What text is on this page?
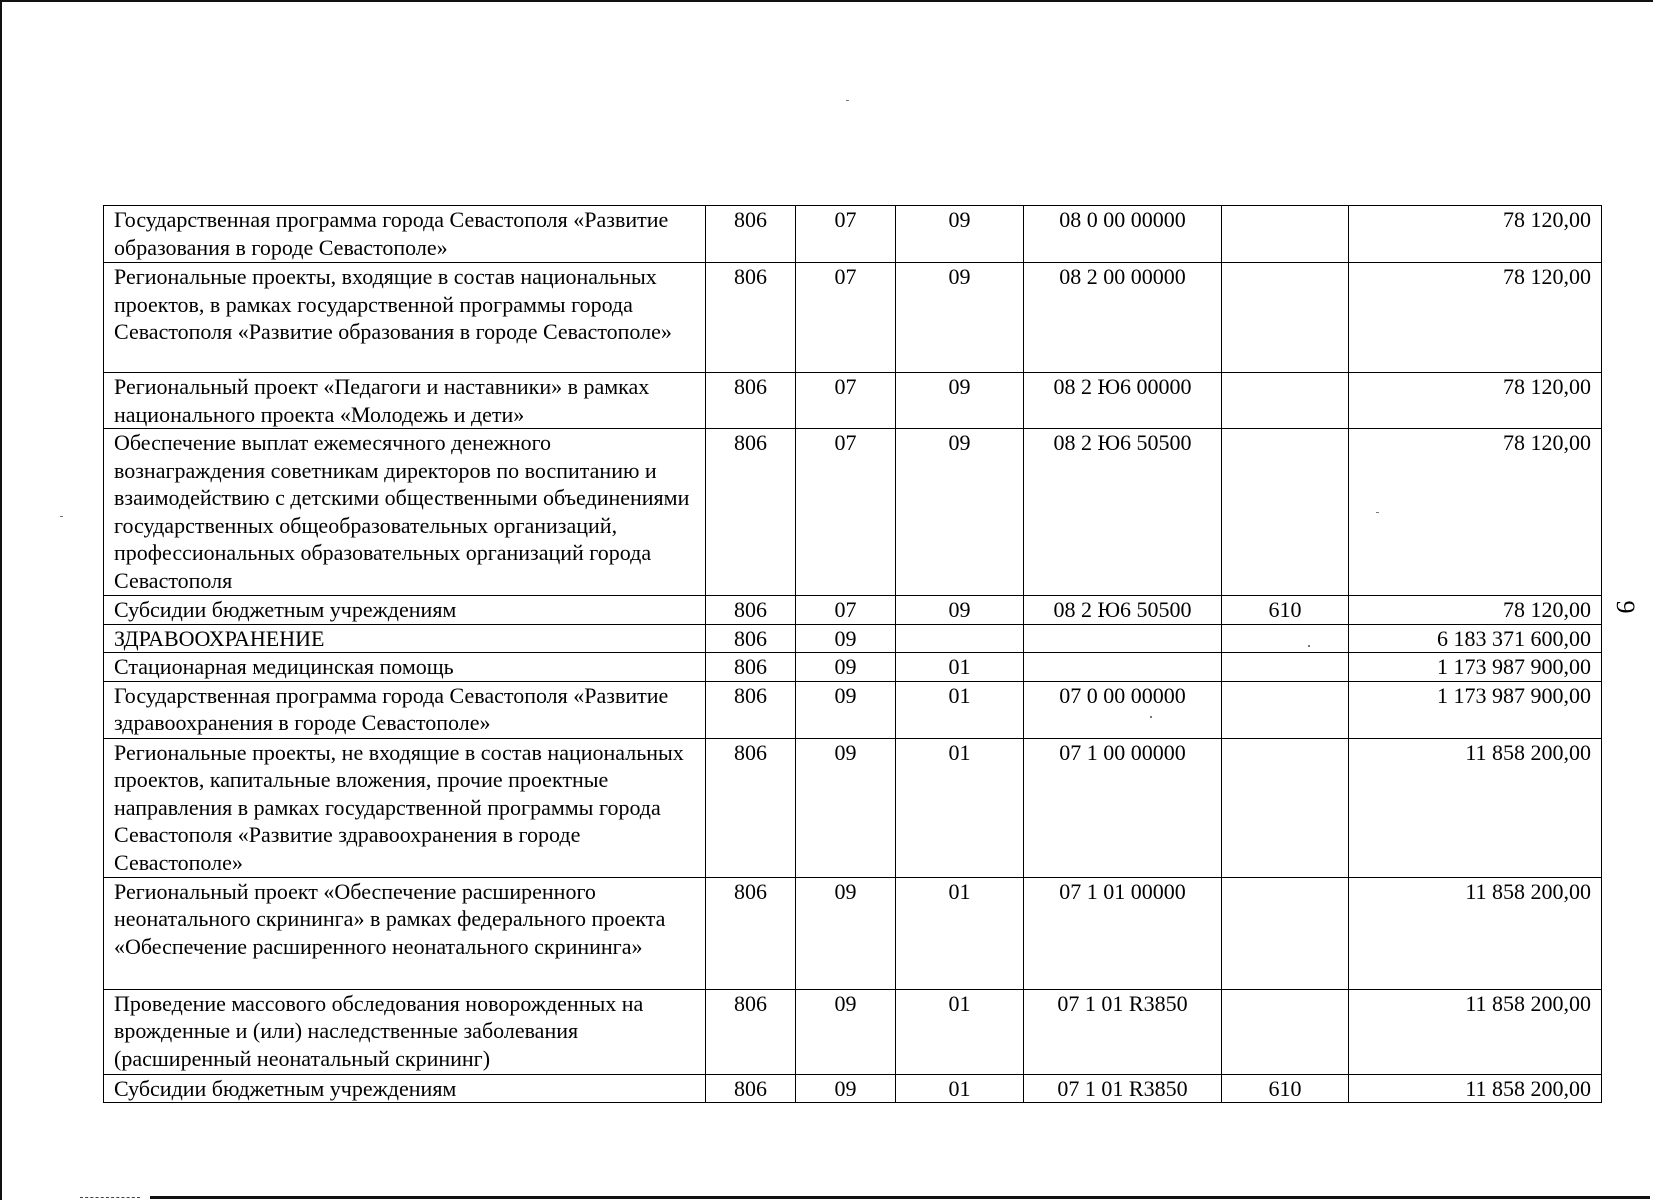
Государственная программа города Севастополя «Развитие образования в городе Севастополе»	806	07	09	08 0 00 00000		78 120,00
Региональные проекты, входящие в состав национальных проектов, в рамках государственной программы города Севастополя «Развитие образования в городе Севастополе»	806	07	09	08 2 00 00000		78 120,00
Региональный проект «Педагоги и наставники» в рамках национального проекта «Молодежь и дети»	806	07	09	08 2 Ю6 00000		78 120,00
Обеспечение выплат ежемесячного денежного вознаграждения советникам директоров по воспитанию и взаимодействию с детскими общественными объединениями государственных общеобразовательных организаций, профессиональных образовательных организаций города Севастополя	806	07	09	08 2 Ю6 50500		78 120,00
Субсидии бюджетным учреждениям	806	07	09	08 2 Ю6 50500	610	78 120,00
ЗДРАВООХРАНЕНИЕ	806	09				6 183 371 600,00
Стационарная медицинская помощь	806	09	01			1 173 987 900,00
Государственная программа города Севастополя «Развитие здравоохранения в городе Севастополе»	806	09	01	07 0 00 00000		1 173 987 900,00
Региональные проекты, не входящие в состав национальных проектов, капитальные вложения, прочие проектные направления в рамках государственной программы города Севастополя «Развитие здравоохранения в городе Севастополе»	806	09	01	07 1 00 00000		11 858 200,00
Региональный проект «Обеспечение расширенного неонатального скрининга» в рамках федерального проекта «Обеспечение расширенного неонатального скрининга»	806	09	01	07 1 01 00000		11 858 200,00
Проведение массового обследования новорожденных на врожденные и (или) наследственные заболевания (расширенный неонатальный скрининг)	806	09	01	07 1 01 R3850		11 858 200,00
Субсидии бюджетным учреждениям	806	09	01	07 1 01 R3850	610	11 858 200,00
9
